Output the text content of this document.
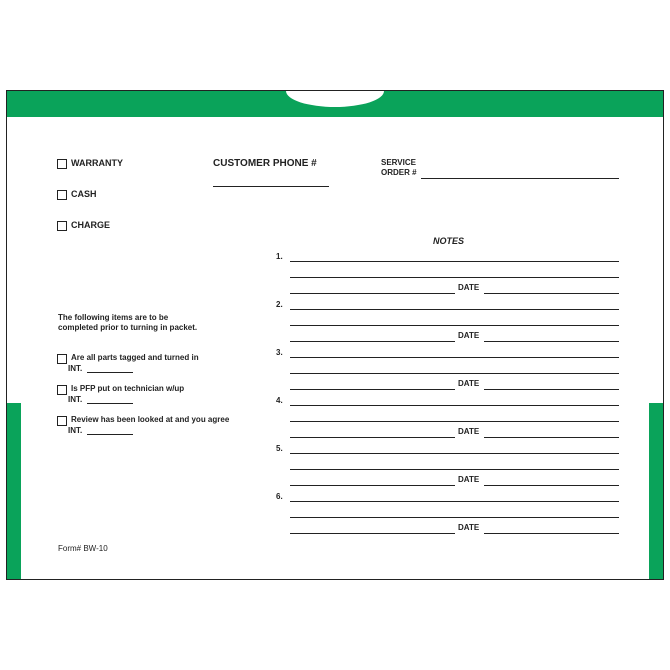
WARRANTY
CASH
CHARGE
CUSTOMER PHONE #	SERVICE
ORDER #
NOTES
1.
DATE
2.
DATE
3.
DATE
4.
DATE
5.
DATE
6.
DATE
The following items are to be
completed prior to turning in packet.
Are all parts tagged and turned in
INT.
Is PFP put on technician w/up
INT.
Review has been looked at and you agree
INT.
Form# BW-10
